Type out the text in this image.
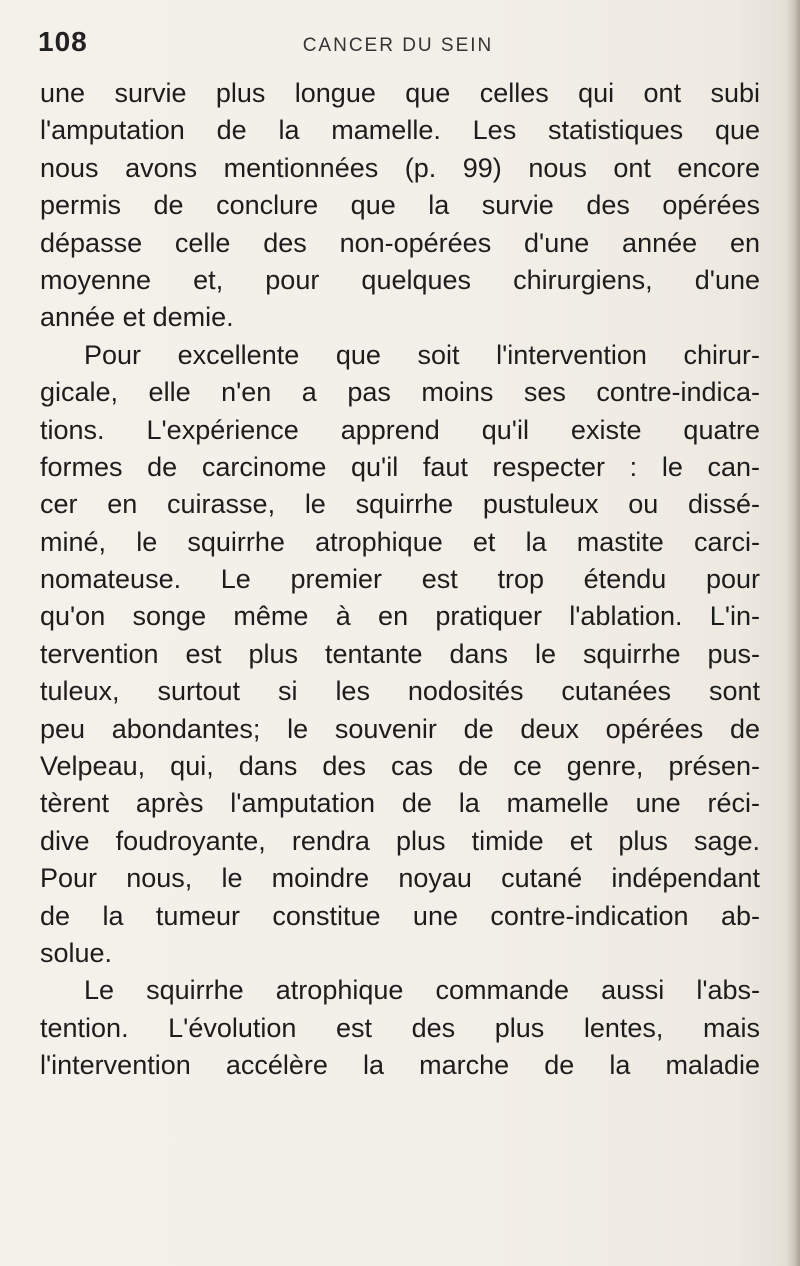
108	CANCER DU SEIN
une survie plus longue que celles qui ont subi
l'amputation de la mamelle. Les statistiques que
nous avons mentionnées (p. 99) nous ont encore
permis de conclure que la survie des opérées
dépasse celle des non-opérées d'une année en
moyenne et, pour quelques chirurgiens, d'une
année et demie.
Pour excellente que soit l'intervention chirur-
gicale, elle n'en a pas moins ses contre-indica-
tions. L'expérience apprend qu'il existe quatre
formes de carcinome qu'il faut respecter : le can-
cer en cuirasse, le squirrhe pustuleux ou dissé-
miné, le squirrhe atrophique et la mastite carci-
nomateuse. Le premier est trop étendu pour
qu'on songe même à en pratiquer l'ablation. L'in-
tervention est plus tentante dans le squirrhe pus-
tuleux, surtout si les nodosités cutanées sont
peu abondantes; le souvenir de deux opérées de
Velpeau, qui, dans des cas de ce genre, présen-
tèrent après l'amputation de la mamelle une réci-
dive foudroyante, rendra plus timide et plus sage.
Pour nous, le moindre noyau cutané indépendant
de la tumeur constitue une contre-indication ab-
solue.
Le squirrhe atrophique commande aussi l'abs-
tention. L'évolution est des plus lentes, mais
l'intervention accélère la marche de la maladie
